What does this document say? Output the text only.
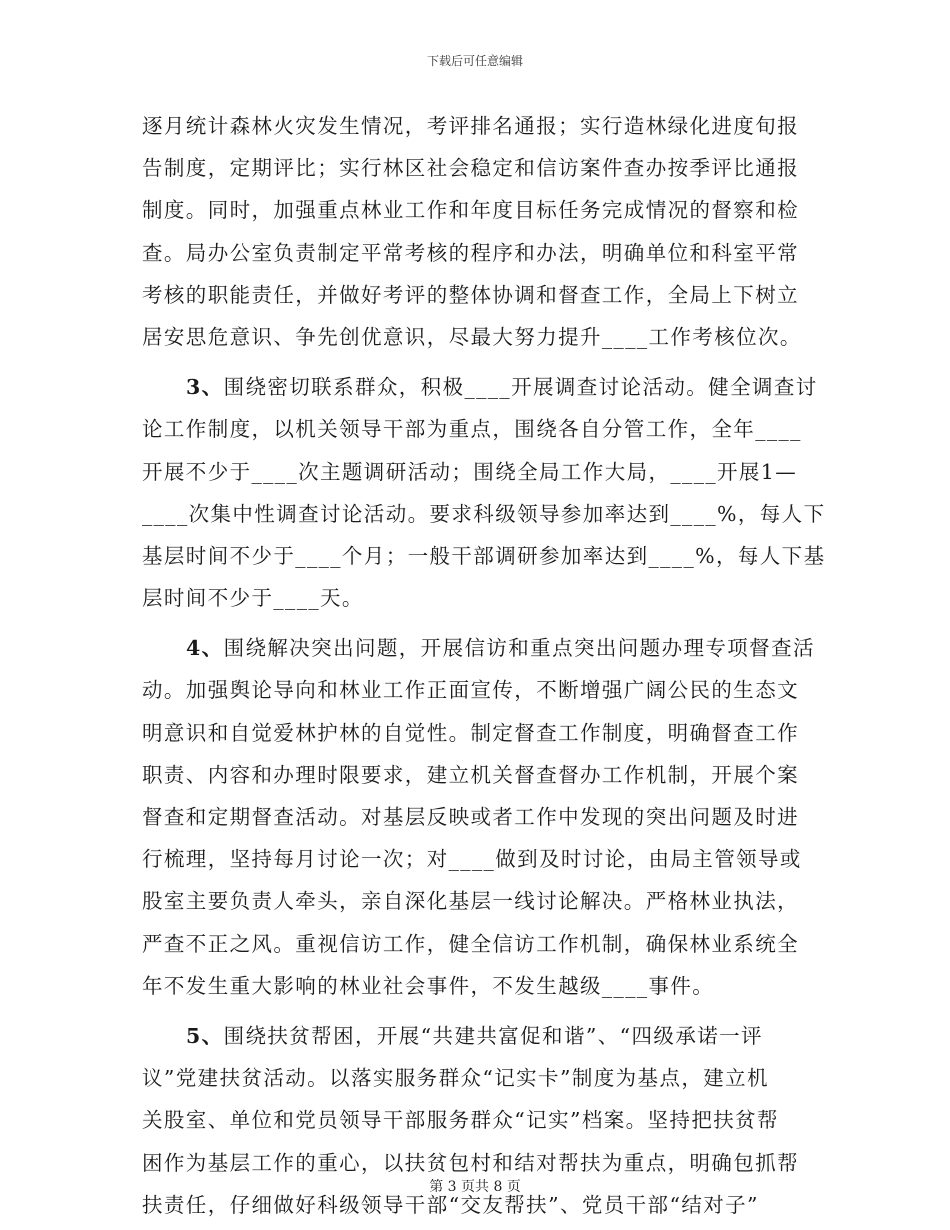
下载后可任意编辑
逐月统计森林火灾发生情况，考评排名通报；实行造林绿化进度旬报
告制度，定期评比；实行林区社会稳定和信访案件查办按季评比通报
制度。同时，加强重点林业工作和年度目标任务完成情况的督察和检
查。局办公室负责制定平常考核的程序和办法，明确单位和科室平常
考核的职能责任，并做好考评的整体协调和督查工作，全局上下树立
居安思危意识、争先创优意识，尽最大努力提升____工作考核位次。
3、围绕密切联系群众，积极____开展调查讨论活动。健全调查讨
论工作制度，以机关领导干部为重点，围绕各自分管工作，全年____
开展不少于____次主题调研活动；围绕全局工作大局，____开展1—
____次集中性调查讨论活动。要求科级领导参加率达到____%，每人下
基层时间不少于____个月；一般干部调研参加率达到____%，每人下基
层时间不少于____天。
4、围绕解决突出问题，开展信访和重点突出问题办理专项督查活
动。加强舆论导向和林业工作正面宣传，不断增强广阔公民的生态文
明意识和自觉爱林护林的自觉性。制定督查工作制度，明确督查工作
职责、内容和办理时限要求，建立机关督查督办工作机制，开展个案
督查和定期督查活动。对基层反映或者工作中发现的突出问题及时进
行梳理，坚持每月讨论一次；对____做到及时讨论，由局主管领导或
股室主要负责人牵头，亲自深化基层一线讨论解决。严格林业执法，
严查不正之风。重视信访工作，健全信访工作机制，确保林业系统全
年不发生重大影响的林业社会事件，不发生越级____事件。
5、围绕扶贫帮困，开展“共建共富促和谐”、“四级承诺一评
议”党建扶贫活动。以落实服务群众“记实卡”制度为基点，建立机
关股室、单位和党员领导干部服务群众“记实”档案。坚持把扶贫帮
困作为基层工作的重心，以扶贫包村和结对帮扶为重点，明确包抓帮
扶责任，仔细做好科级领导干部“交友帮扶”、党员干部“结对子”
第 3 页共 8 页
